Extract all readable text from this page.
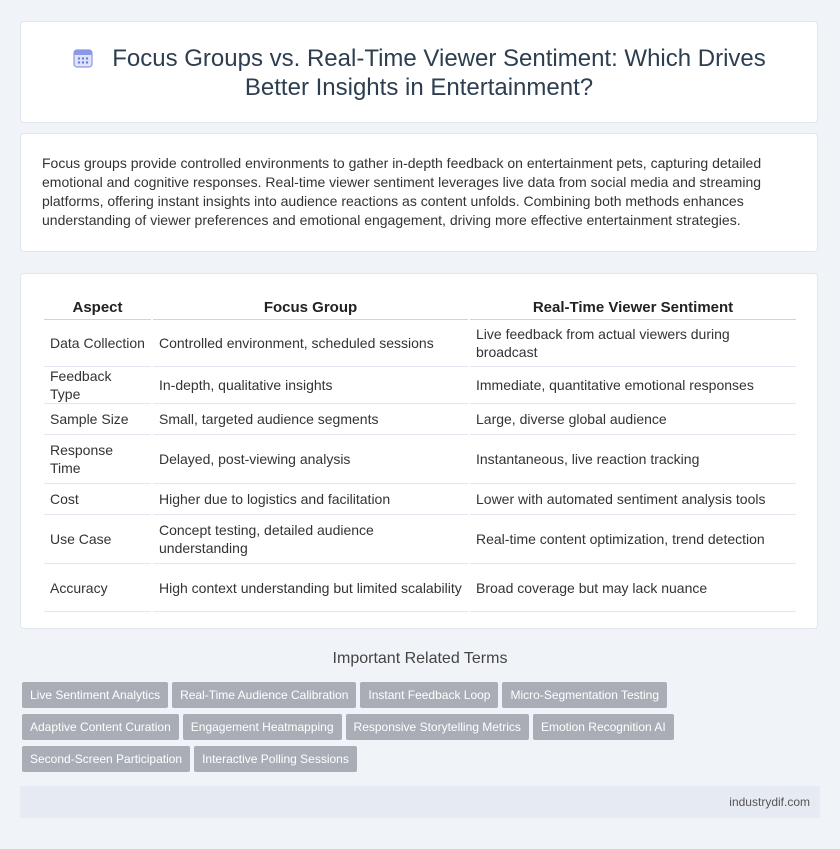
Focus Groups vs. Real-Time Viewer Sentiment: Which Drives
Better Insights in Entertainment?
Focus groups provide controlled environments to gather in-depth feedback on entertainment pets, capturing detailed emotional and cognitive responses. Real-time viewer sentiment leverages live data from social media and streaming platforms, offering instant insights into audience reactions as content unfolds. Combining both methods enhances understanding of viewer preferences and emotional engagement, driving more effective entertainment strategies.
Aspect	Focus Group	Real-Time Viewer Sentiment
Data Collection	Controlled environment, scheduled sessions	Live feedback from actual viewers during broadcast
Feedback Type	In-depth, qualitative insights	Immediate, quantitative emotional responses
Sample Size	Small, targeted audience segments	Large, diverse global audience
Response Time	Delayed, post-viewing analysis	Instantaneous, live reaction tracking
Cost	Higher due to logistics and facilitation	Lower with automated sentiment analysis tools
Use Case	Concept testing, detailed audience understanding	Real-time content optimization, trend detection
Accuracy	High context understanding but limited scalability	Broad coverage but may lack nuance
Important Related Terms
Live Sentiment Analytics Real-Time Audience Calibration Instant Feedback Loop Micro-Segmentation Testing
Adaptive Content Curation Engagement Heatmapping Responsive Storytelling Metrics Emotion Recognition AI
Second-Screen Participation Interactive Polling Sessions
industrydif.com
